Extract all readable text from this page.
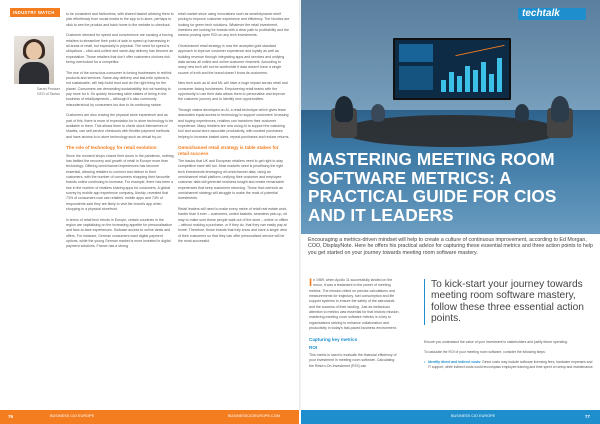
INDUSTRY WATCH
Sarah Prosser
CEO of Tactus

to be consistent and frictionless, with shared basket allowing them to pick effortlessly from social media to the app to in-store, perhaps to click to see the product and back home to the website to checkout.

Customer demand for speed and convenience are causing a forcing retailers to streamline their point of sale to speed up harnessing in all areas of retail, but especially in physical. The need for speed is ubiquitous – click-and-collect and same-day delivery has become an expectation. Those retailers that don't offer customers choices risk being overlooked for a competitor.

The rise of the conscious consumer is forcing businesses to rethink products and services. Same-day delivery and last-mile options is not sustainable, will help build trust and do the right thing for the planet. Consumers are demanding sustainability but not wanting to pay more for it. It's quickly becoming table stakes of being in the business of retail/payments – although it's also commonly misunderstood by consumers too due to its confusing nature.

Customers are also craving the physical store experience and as part of this, there is more of expectation for in-store technology to be available to them. This allows them to check stock themselves of shades, use self-service checkouts with flexible payment methods and have access to in-store technology such as virtual try-on.

The role of technology for retail evolution

Since the moment shops closed their doors in the pandemic, nothing has battled the recovery and growth of retail in Europe more than technology. Offering omnichannel experiences has become essential, allowing retailers to connect and deliver to their customers, with the number of consumers shopping their favourite brands online continuing to increase. For example, there has been a rise in the number of retailers sharing apps for customers. A global survey by mobile app experience company, Airship, revealed that 73% of consumers now use retailers' mobile apps and 74% of respondents said they are likely to visit the brand's app when shopping in a physical storefront.

In terms of retail tech trends in Europe, certain countries in the region are capitalising on the increasing appetite for personalisation and face-to-face experiences. Suitcase access to online deals and offers. For instance, German consumers want digital payment options, while the young German market is more invested in digital payment solutions. France has a strong

retail market since using innovations such as smart/dynamic shelf pricing to improve customer experience and efficiency. The Nordics are looking for green tech solutions. Whatever the retail investment, investors are looking for brands with a clear path to profitability and the means proving open ROI on any tech investments.

Omnichannel retail strategy is now the accepted gold standard approach to improve customer experience and loyalty as well as building revenue through integrating apps and services and unifying data across all online and online customer channels. According to many new tech will not be worthwhile if data doesn't have a single source of truth and the brand doesn't know its customers.

New tech such as AI and ML will have a huge impact across retail and consumer-facing businesses. Empowering retail teams with the opportunity to use their data allows them to personalise and improve the customer journey and to identify new opportunities.

Through claims developed on AI, a retail technique which gives team associates equal access to technology to support customers' browsing and buying experiences, retailers can transform their customer experience. Many retailers are now using AI to support the matching tool and social store associate productivity, with curated purchases helping to increase basket sizes, repeat purchases and reduce returns.

Omnichannel retail strategy is table stakes for retail success

The basics that UK and European retailers need to get right to stay competitive have still not. Most markets need is prioritising the right tech investments leveraging all omnichannel data, using an omnichannel retail platform, unifying their customer and employee customer data will generate business insight and create remarkable experiences that keep customers returning. Those that overlook an omnichannel strategy will struggle to make the most of potential investments.

Retail leaders will need to make every metre of retail real estate work harder than it ever – customers, united baskets, seamless pick-up, sit may to make sure these people walk out of the store – online or offline – without making a purchase, or if they do, that they can easily pay at home. Therefore, those brands that fully know and have a single view of their customers so that they can offer personalised service will be the most successful.

76	BUSINESS CIO EUROPE	BUSINESSCIOEUROPE.COM
techtalk
MASTERING MEETING ROOM SOFTWARE METRICS: A PRACTICAL GUIDE FOR CIOS AND IT LEADERS
Encouraging a metrics-driven mindset will help to create a culture of continuous improvement, according to Ed Morgan, COO, DisplayNote. Here he offers his practical advice for capturing these essential metrics and three action points to help you get started on your journey towards meeting room software mastery.

In 1989, when Apollo 11 successfully landed on the moon, it was a testament to the power of meeting metrics. The mission relied on precise calculations and measurements for trajectory, fuel consumption and life support systems to ensure the safety of the astronauts and the success of their landing. Just as meticulous attention to metrics was essential for that historic mission, mastering meeting room software metrics is a key to organisations striving to enhance collaboration and productivity in today's fast-paced business environment.

Capturing key metrics
ROI

This metric is used to evaluate the financial efficiency of your investment in meeting room software. Calculating the Return-On-Investment (ROI) can

To kick-start your journey towards meeting room software mastery, follow these three essential action points.

Ensure you understand the value of your investment to stakeholders and justify future spending.

To calculate the ROI of your meeting room software, consider the following steps:

• Identify direct and indirect costs: Direct costs may include software licensing fees, hardware expenses and IT support, while indirect costs could encompass employee training and time spent on setup and maintenance.
BUSINESS CIO EUROPE	77
